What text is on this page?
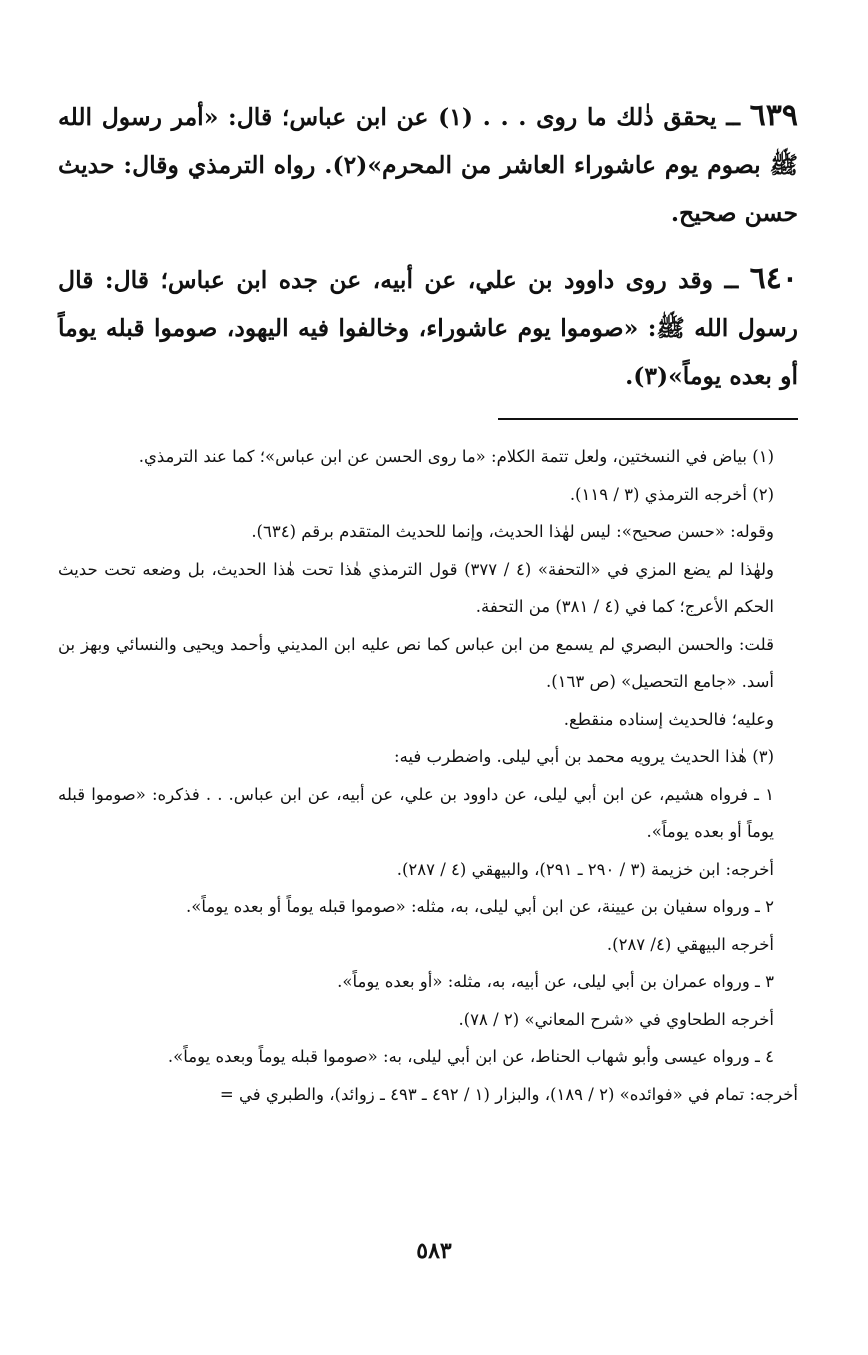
٦٣٩ ــ يحقق ذٰلك ما روى . . . (١) عن ابن عباس؛ قال: «أمر رسول الله ﷺ بصوم يوم عاشوراء العاشر من المحرم»(٢). رواه الترمذي وقال: حديث حسن صحيح.

٦٤٠ ــ وقد روى داوود بن علي، عن أبيه، عن جده ابن عباس؛ قال: قال رسول الله ﷺ: «صوموا يوم عاشوراء، وخالفوا فيه اليهود، صوموا قبله يوماً أو بعده يوماً»(٣).

(١) بياض في النسختين، ولعل تتمة الكلام: «ما روى الحسن عن ابن عباس»؛ كما عند الترمذي.

(٢) أخرجه الترمذي (٣ / ١١٩).

وقوله: «حسن صحيح»: ليس لهٰذا الحديث، وإنما للحديث المتقدم برقم (٦٣٤).

ولهٰذا لم يضع المزي في «التحفة» (٤ / ٣٧٧) قول الترمذي هٰذا تحت هٰذا الحديث، بل وضعه تحت حديث الحكم الأعرج؛ كما في (٤ / ٣٨١) من التحفة.

قلت: والحسن البصري لم يسمع من ابن عباس كما نص عليه ابن المديني وأحمد ويحيى والنسائي وبهز بن أسد. «جامع التحصيل» (ص ١٦٣).

وعليه؛ فالحديث إسناده منقطع.

(٣) هٰذا الحديث يرويه محمد بن أبي ليلى. واضطرب فيه:

١ ـ فرواه هشيم، عن ابن أبي ليلى، عن داوود بن علي، عن أبيه، عن ابن عباس. . . فذكره: «صوموا قبله يوماً أو بعده يوماً».

أخرجه: ابن خزيمة (٣ / ٢٩٠ ـ ٢٩١)، والبيهقي (٤ / ٢٨٧).

٢ ـ ورواه سفيان بن عيينة، عن ابن أبي ليلى، به، مثله: «صوموا قبله يوماً أو بعده يوماً».

أخرجه البيهقي (٤/ ٢٨٧).

٣ ـ ورواه عمران بن أبي ليلى، عن أبيه، به، مثله: «أو بعده يوماً».

أخرجه الطحاوي في «شرح المعاني» (٢ / ٧٨).

٤ ـ ورواه عيسى وأبو شهاب الحناط، عن ابن أبي ليلى، به: «صوموا قبله يوماً وبعده يوماً».

أخرجه: تمام في «فوائده» (٢ / ١٨٩)، والبزار (١ / ٤٩٢ ـ ٤٩٣ ـ زوائد)، والطبري في =

٥٨٣
